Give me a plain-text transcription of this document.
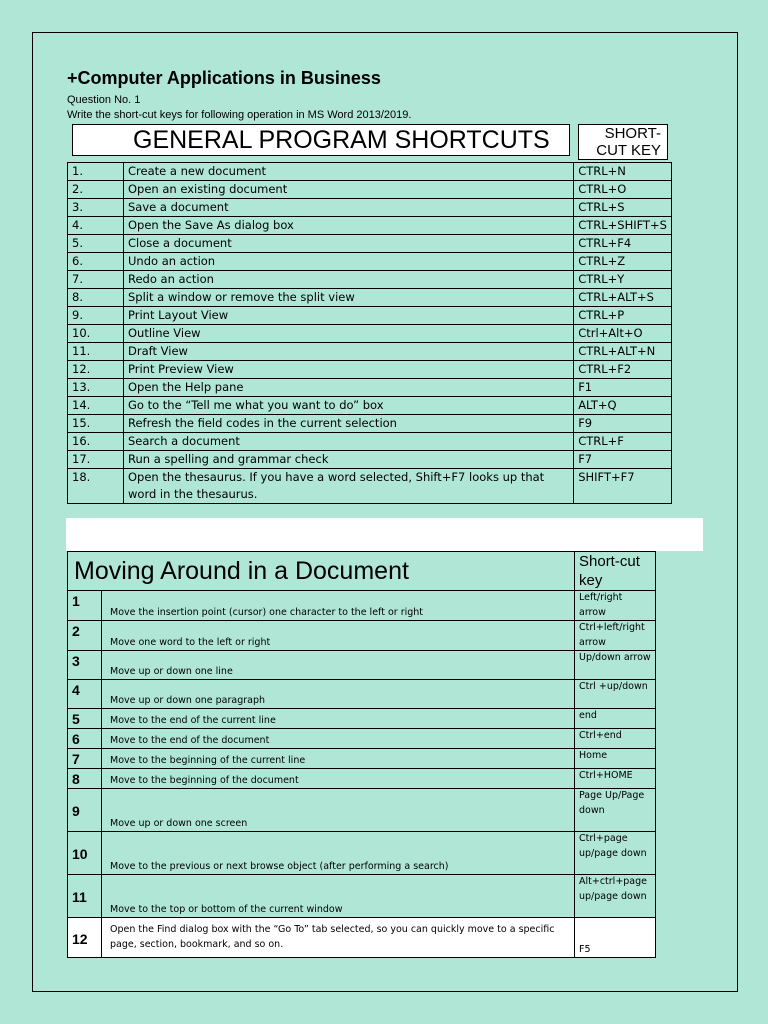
+Computer Applications in Business
Question No. 1
Write the short-cut keys for following operation in MS Word 2013/2019.
GENERAL PROGRAM SHORTCUTS	SHORT-CUT KEY
1.	Create a new document	CTRL+N
2.	Open an existing document	CTRL+O
3.	Save a document	CTRL+S
4.	Open the Save As dialog box	CTRL+SHIFT+S
5.	Close a document	CTRL+F4
6.	Undo an action	CTRL+Z
7.	Redo an action	CTRL+Y
8.	Split a window or remove the split view	CTRL+ALT+S
9.	Print Layout View	CTRL+P
10.	Outline View	Ctrl+Alt+O
11.	Draft View	CTRL+ALT+N
12.	Print Preview View	CTRL+F2
13.	Open the Help pane	F1
14.	Go to the “Tell me what you want to do” box	ALT+Q
15.	Refresh the field codes in the current selection	F9
16.	Search a document	CTRL+F
17.	Run a spelling and grammar check	F7
18.	Open the thesaurus. If you have a word selected, Shift+F7 looks up that word in the thesaurus.	SHIFT+F7
Moving Around in a Document		Short-cut key
1	Move the insertion point (cursor) one character to the left or right	Left/right arrow
2	Move one word to the left or right	Ctrl+left/right arrow
3	Move up or down one line	Up/down arrow
4	Move up or down one paragraph	Ctrl +up/down
5	Move to the end of the current line	end
6	Move to the end of the document	Ctrl+end
7	Move to the beginning of the current line	Home
8	Move to the beginning of the document	Ctrl+HOME
9	Move up or down one screen	Page Up/Page down
10	Move to the previous or next browse object (after performing a search)	Ctrl+page up/page down
11	Move to the top or bottom of the current window	Alt+ctrl+page up/page down
12	Open the Find dialog box with the “Go To” tab selected, so you can quickly move to a specific page, section, bookmark, and so on.	F5
